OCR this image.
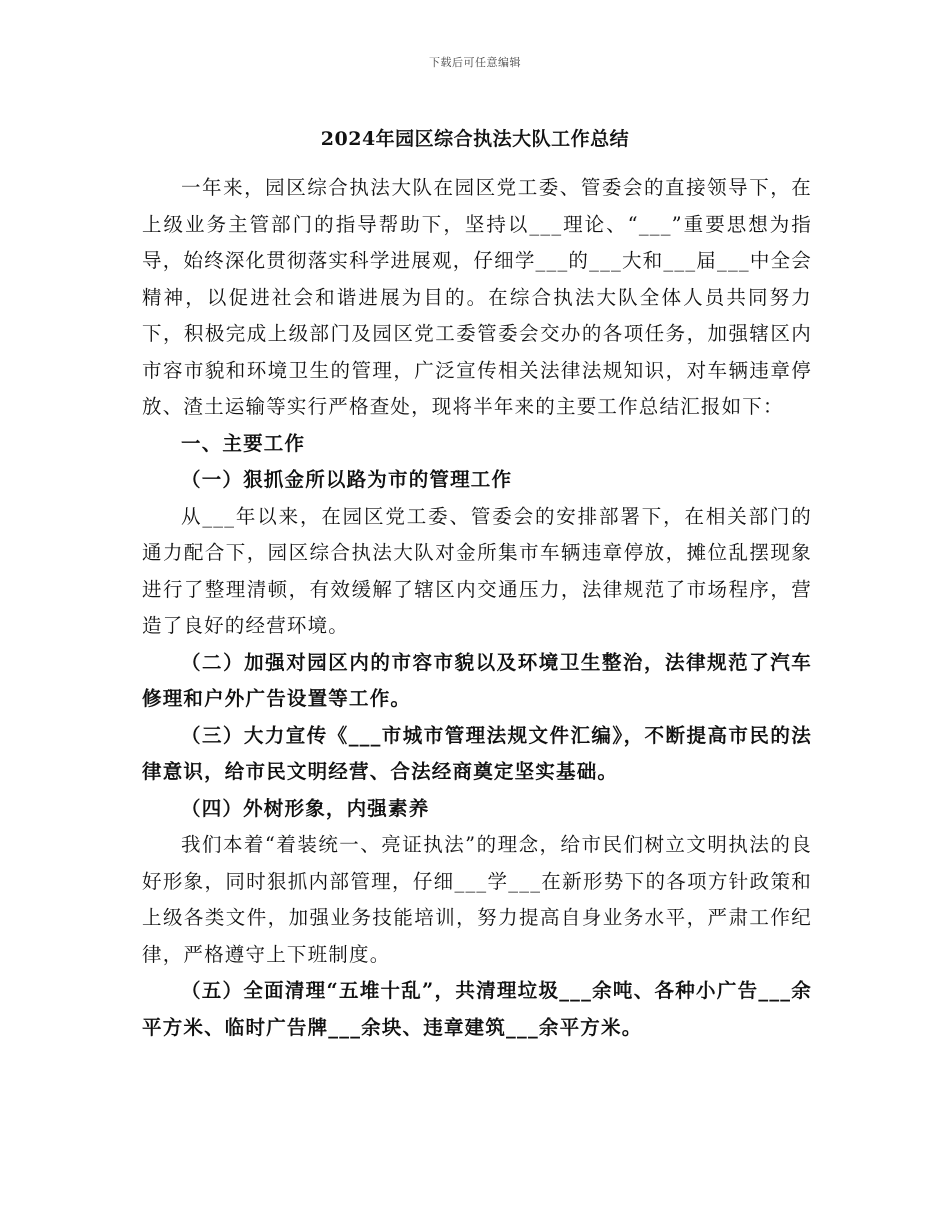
下载后可任意编辑
2024年园区综合执法大队工作总结

一年来，园区综合执法大队在园区党工委、管委会的直接领导下，在上级业务主管部门的指导帮助下，坚持以___理论、“___”重要思想为指导，始终深化贯彻落实科学进展观，仔细学___的___大和___届___中全会精神，以促进社会和谐进展为目的。在综合执法大队全体人员共同努力下，积极完成上级部门及园区党工委管委会交办的各项任务，加强辖区内市容市貌和环境卫生的管理，广泛宣传相关法律法规知识，对车辆违章停放、渣土运输等实行严格查处，现将半年来的主要工作总结汇报如下：

一、主要工作

（一）狠抓金所以路为市的管理工作

从___年以来，在园区党工委、管委会的安排部署下，在相关部门的通力配合下，园区综合执法大队对金所集市车辆违章停放，摊位乱摆现象进行了整理清顿，有效缓解了辖区内交通压力，法律规范了市场程序，营造了良好的经营环境。

（二）加强对园区内的市容市貌以及环境卫生整治，法律规范了汽车修理和户外广告设置等工作。

（三）大力宣传《___市城市管理法规文件汇编》，不断提高市民的法律意识，给市民文明经营、合法经商奠定坚实基础。

（四）外树形象，内强素养

我们本着“着装统一、亮证执法”的理念，给市民们树立文明执法的良好形象，同时狠抓内部管理，仔细___学___在新形势下的各项方针政策和上级各类文件，加强业务技能培训，努力提高自身业务水平，严肃工作纪律，严格遵守上下班制度。

（五）全面清理“五堆十乱”，共清理垃圾___余吨、各种小广告___余平方米、临时广告牌___余块、违章建筑___余平方米。
